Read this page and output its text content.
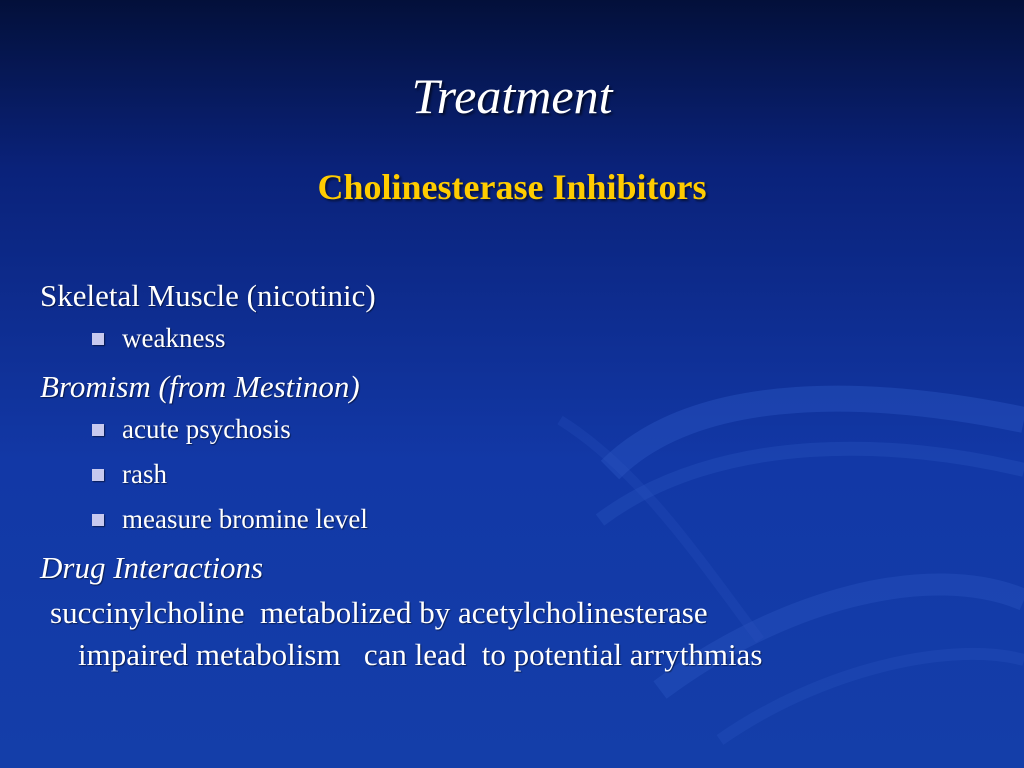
Treatment
Cholinesterase Inhibitors
Skeletal Muscle (nicotinic)
weakness
Bromism (from Mestinon)
acute psychosis
rash
measure bromine level
Drug Interactions
succinylcholine  metabolized by acetylcholinesterase
impaired metabolism   can lead  to potential arrythmias
